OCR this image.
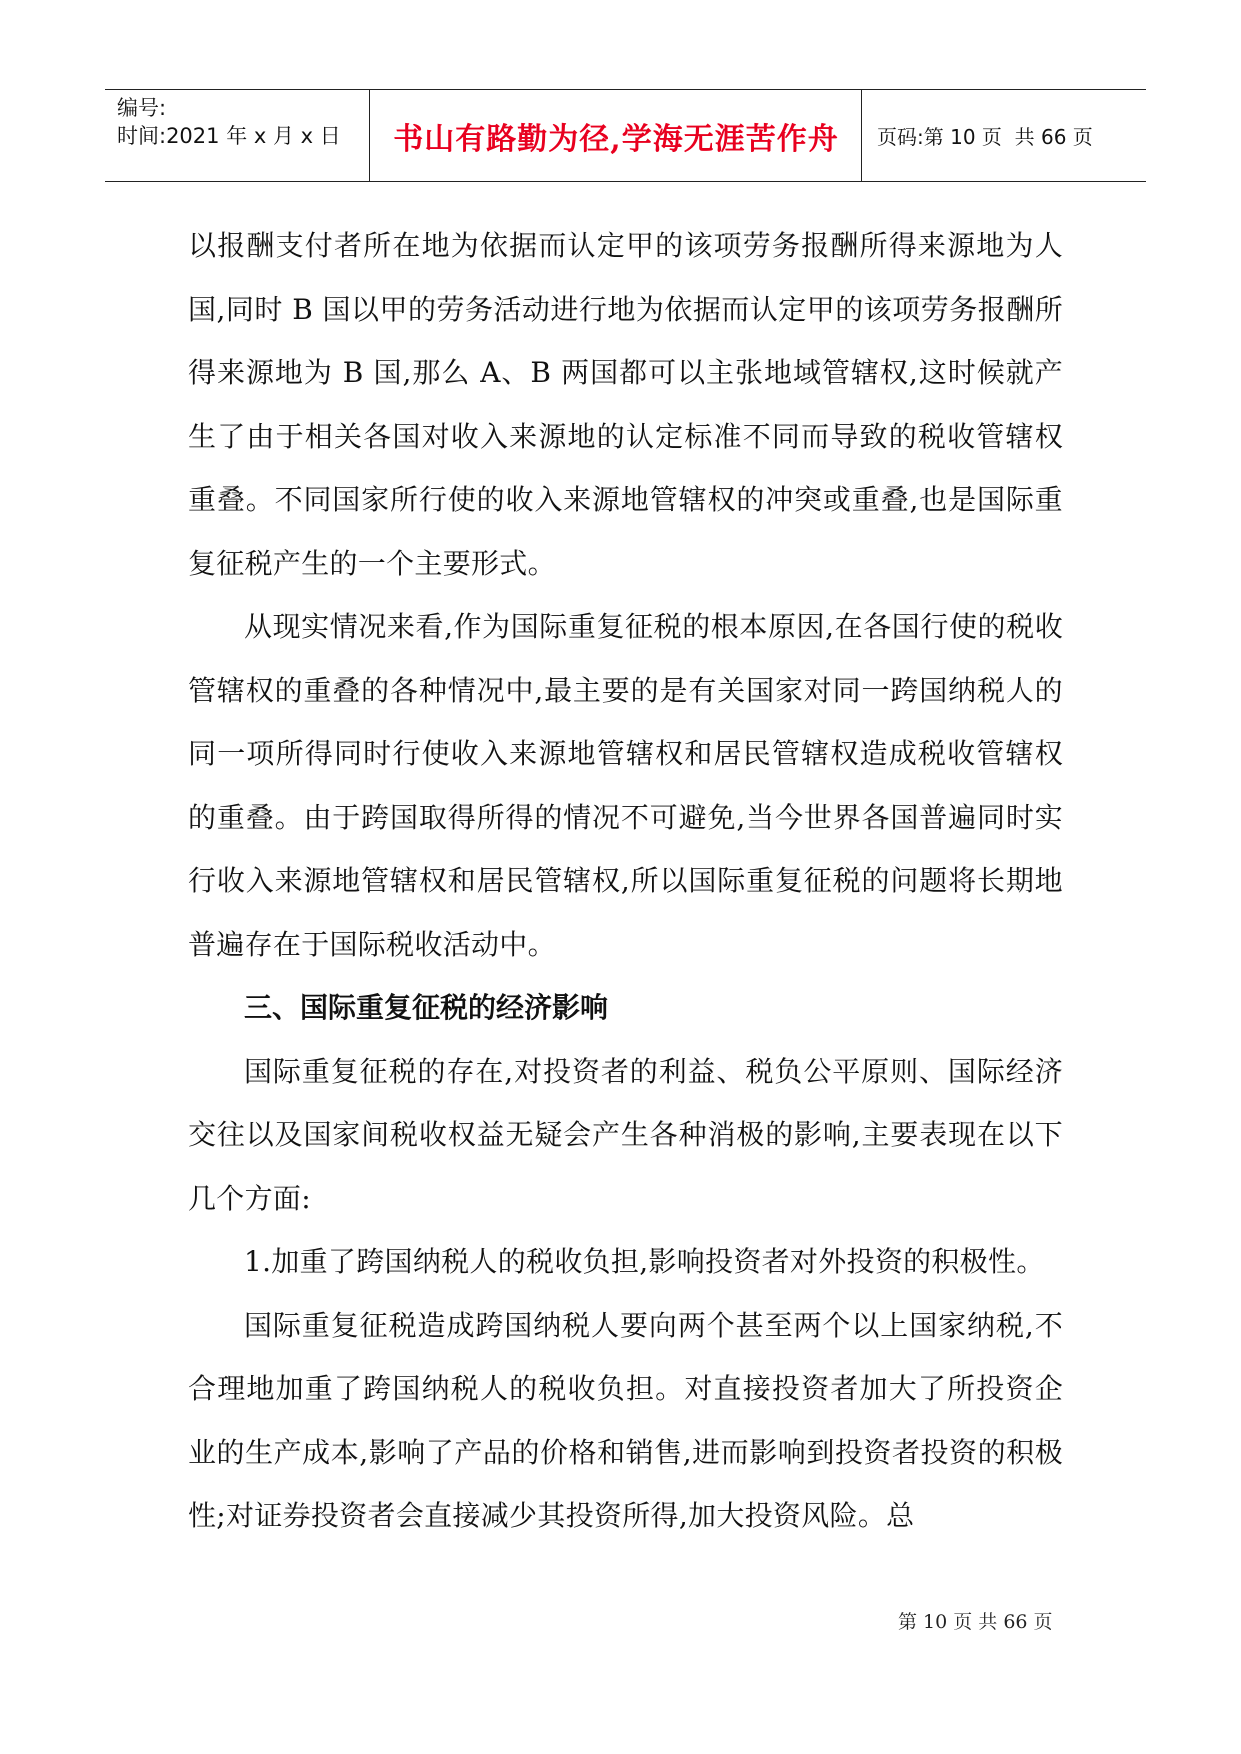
编号:
时间:2021 年 x 月 x 日	书山有路勤为径,学海无涯苦作舟	页码:第 10 页  共 66 页

以报酬支付者所在地为依据而认定甲的该项劳务报酬所得来源地为人国,同时 B 国以甲的劳务活动进行地为依据而认定甲的该项劳务报酬所得来源地为 B 国,那么 A、B 两国都可以主张地域管辖权,这时候就产生了由于相关各国对收入来源地的认定标准不同而导致的税收管辖权重叠。不同国家所行使的收入来源地管辖权的冲突或重叠,也是国际重复征税产生的一个主要形式。

从现实情况来看,作为国际重复征税的根本原因,在各国行使的税收管辖权的重叠的各种情况中,最主要的是有关国家对同一跨国纳税人的同一项所得同时行使收入来源地管辖权和居民管辖权造成税收管辖权的重叠。由于跨国取得所得的情况不可避免,当今世界各国普遍同时实行收入来源地管辖权和居民管辖权,所以国际重复征税的问题将长期地普遍存在于国际税收活动中。

三、国际重复征税的经济影响

国际重复征税的存在,对投资者的利益、税负公平原则、国际经济交往以及国家间税收权益无疑会产生各种消极的影响,主要表现在以下几个方面:

1.加重了跨国纳税人的税收负担,影响投资者对外投资的积极性。

国际重复征税造成跨国纳税人要向两个甚至两个以上国家纳税,不合理地加重了跨国纳税人的税收负担。对直接投资者加大了所投资企业的生产成本,影响了产品的价格和销售,进而影响到投资者投资的积极性;对证券投资者会直接减少其投资所得,加大投资风险。总

第 10 页 共 66 页
